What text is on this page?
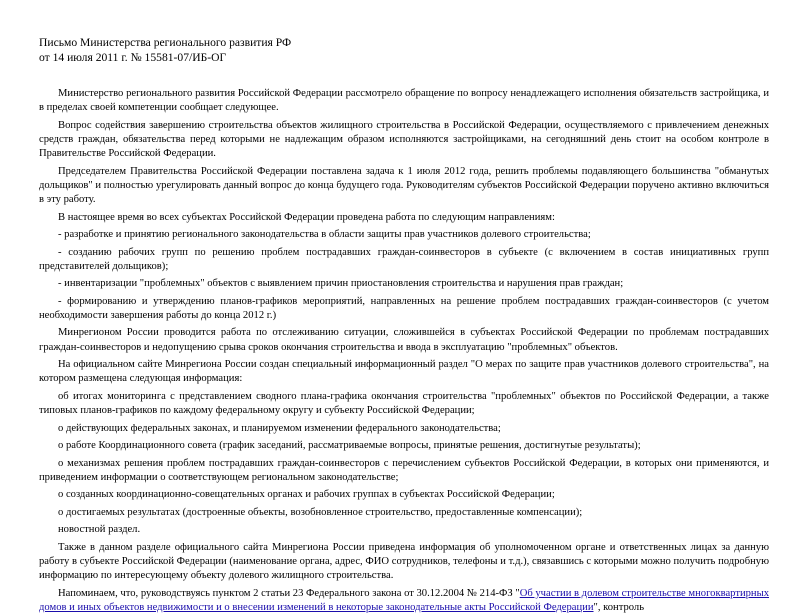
Письмо Министерства регионального развития РФ

от 14 июля 2011 г. № 15581-07/ИБ-ОГ

Министерство регионального развития Российской Федерации рассмотрело обращение по вопросу ненадлежащего исполнения обязательств застройщика, и в пределах своей компетенции сообщает следующее.

Вопрос содействия завершению строительства объектов жилищного строительства в Российской Федерации, осуществляемого с привлечением денежных средств граждан, обязательства перед которыми не надлежащим образом исполняются застройщиками, на сегодняшний день стоит на особом контроле в Правительстве Российской Федерации.

Председателем Правительства Российской Федерации поставлена задача к 1 июля 2012 года, решить проблемы подавляющего большинства "обманутых дольщиков" и полностью урегулировать данный вопрос до конца будущего года. Руководителям субъектов Российской Федерации поручено активно включиться в эту работу.

В настоящее время во всех субъектах Российской Федерации проведена работа по следующим направлениям:

- разработке и принятию регионального законодательства в области защиты прав участников долевого строительства;

- созданию рабочих групп по решению проблем пострадавших граждан-соинвесторов в субъекте (с включением в состав инициативных групп представителей дольщиков);

- инвентаризации "проблемных" объектов с выявлением причин приостановления строительства и нарушения прав граждан;

- формированию и утверждению планов-графиков мероприятий, направленных на решение проблем пострадавших граждан-соинвесторов (с учетом необходимости завершения работы до конца 2012 г.)

Минрегионом России проводится работа по отслеживанию ситуации, сложившейся в субъектах Российской Федерации по проблемам пострадавших граждан-соинвесторов и недопущению срыва сроков окончания строительства и ввода в эксплуатацию "проблемных" объектов.

На официальном сайте Минрегиона России создан специальный информационный раздел "О мерах по защите прав участников долевого строительства", на котором размещена следующая информация:

об итогах мониторинга с представлением сводного плана-графика окончания строительства "проблемных" объектов по Российской Федерации, а также типовых планов-графиков по каждому федеральному округу и субъекту Российской Федерации;

о действующих федеральных законах, и планируемом изменении федерального законодательства;

о работе Координационного совета (график заседаний, рассматриваемые вопросы, принятые решения, достигнутые результаты);

о механизмах решения проблем пострадавших граждан-соинвесторов с перечислением субъектов Российской Федерации, в которых они применяются, и приведением информации о соответствующем региональном законодательстве;

о созданных координационно-совещательных органах и рабочих группах в субъектах Российской Федерации;

о достигаемых результатах (достроенные объекты, возобновленное строительство, предоставленные компенсации);

новостной раздел.

Также в данном разделе официального сайта Минрегиона России приведена информация об уполномоченном органе и ответственных лицах за данную работу в субъекте Российской Федерации (наименование органа, адрес, ФИО сотрудников, телефоны и т.д.), связавшись с которыми можно получить подробную информацию по интересующему объекту долевого жилищного строительства.

Напоминаем, что, руководствуясь пунктом 2 статьи 23 Федерального закона от 30.12.2004 № 214-ФЗ "Об участии в долевом строительстве многоквартирных домов и иных объектов недвижимости и о внесении изменений в некоторые законодательные акты Российской Федерации", контроль
